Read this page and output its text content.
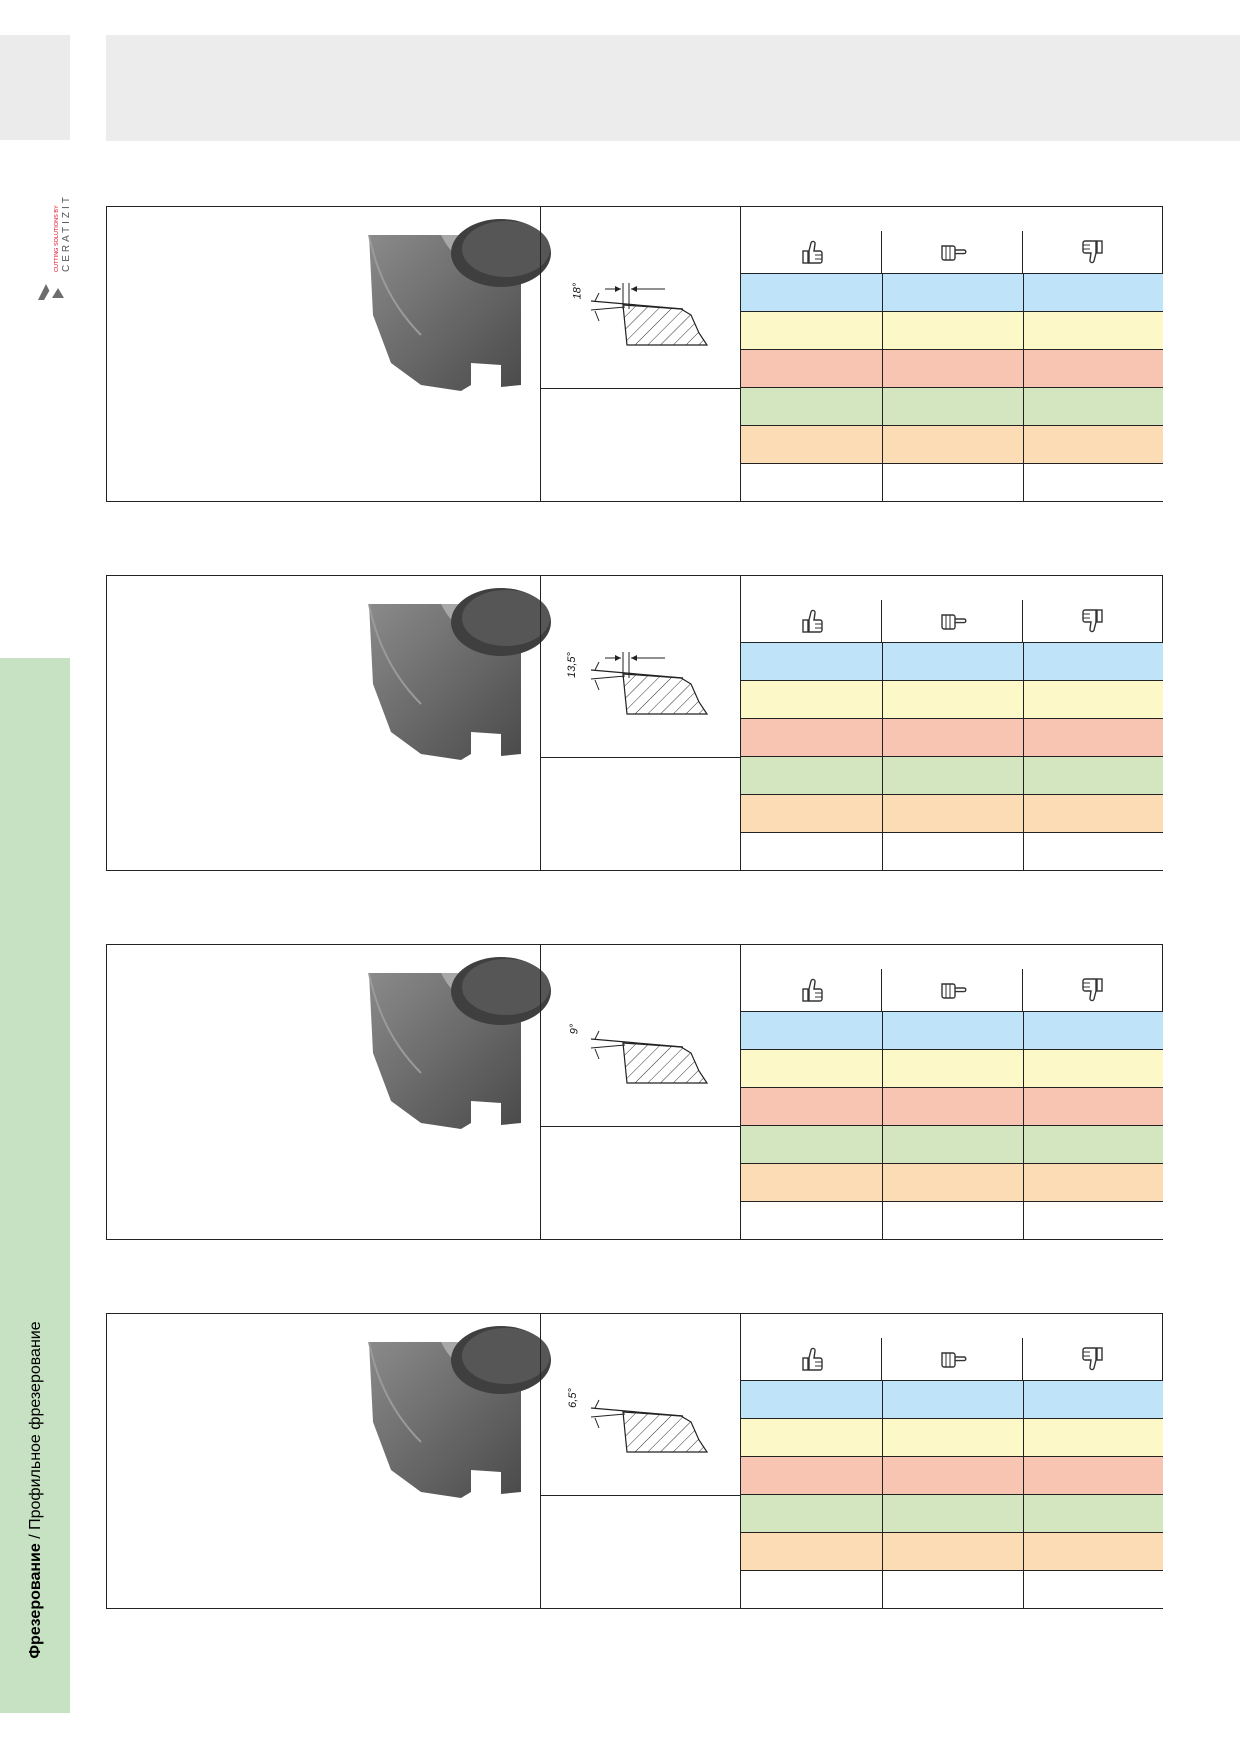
CUTTING SOLUTIONS BY CERATIZIT
Фрезерование / Профильное фрезерование
18°
13,5°
9°
6,5°
